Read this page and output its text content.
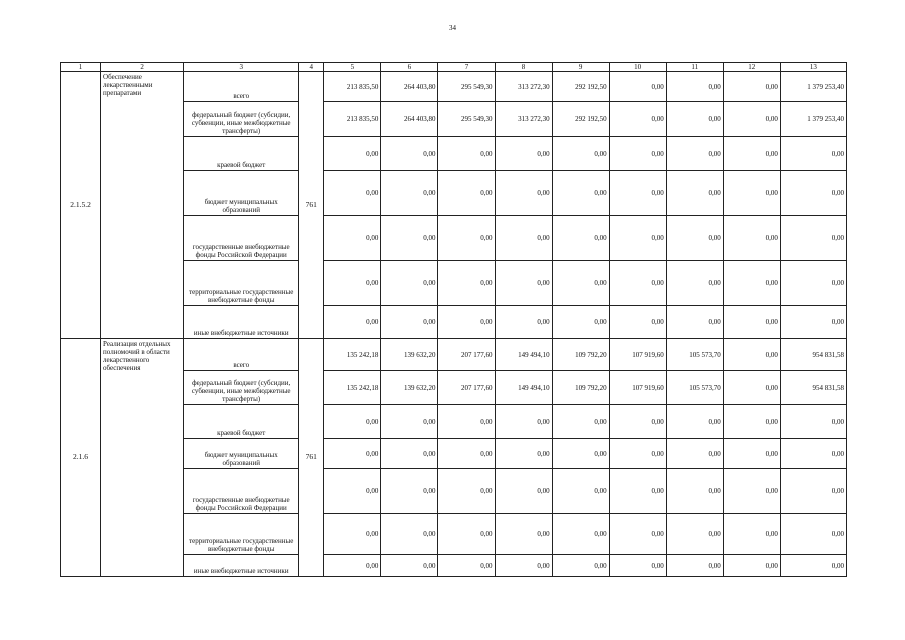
34
1	2	3	4	5	6	7	8	9	10	11	12	13
2.1.5.2	Обеспечение лекарственными препаратами	всего	761	213 835,50	264 403,80	295 549,30	313 272,30	292 192,50	0,00	0,00	0,00	1 379 253,40
		федеральный бюджет (субсидии, субвенции, иные межбюджетные трансферты)		213 835,50	264 403,80	295 549,30	313 272,30	292 192,50	0,00	0,00	0,00	1 379 253,40
		краевой бюджет		0,00	0,00	0,00	0,00	0,00	0,00	0,00	0,00	0,00
		бюджет муниципальных образований		0,00	0,00	0,00	0,00	0,00	0,00	0,00	0,00	0,00
		государственные внебюджетные фонды Российской Федерации		0,00	0,00	0,00	0,00	0,00	0,00	0,00	0,00	0,00
		территориальные государственные внебюджетные фонды		0,00	0,00	0,00	0,00	0,00	0,00	0,00	0,00	0,00
		иные внебюджетные источники		0,00	0,00	0,00	0,00	0,00	0,00	0,00	0,00	0,00
2.1.6	Реализация отдельных полномочий в области лекарственного обеспечения	всего	761	135 242,18	139 632,20	207 177,60	149 494,10	109 792,20	107 919,60	105 573,70	0,00	954 831,58
		федеральный бюджет (субсидии, субвенции, иные межбюджетные трансферты)		135 242,18	139 632,20	207 177,60	149 494,10	109 792,20	107 919,60	105 573,70	0,00	954 831,58
		краевой бюджет		0,00	0,00	0,00	0,00	0,00	0,00	0,00	0,00	0,00
		бюджет муниципальных образований		0,00	0,00	0,00	0,00	0,00	0,00	0,00	0,00	0,00
		государственные внебюджетные фонды Российской Федерации		0,00	0,00	0,00	0,00	0,00	0,00	0,00	0,00	0,00
		территориальные государственные внебюджетные фонды		0,00	0,00	0,00	0,00	0,00	0,00	0,00	0,00	0,00
		иные внебюджетные источники		0,00	0,00	0,00	0,00	0,00	0,00	0,00	0,00	0,00
